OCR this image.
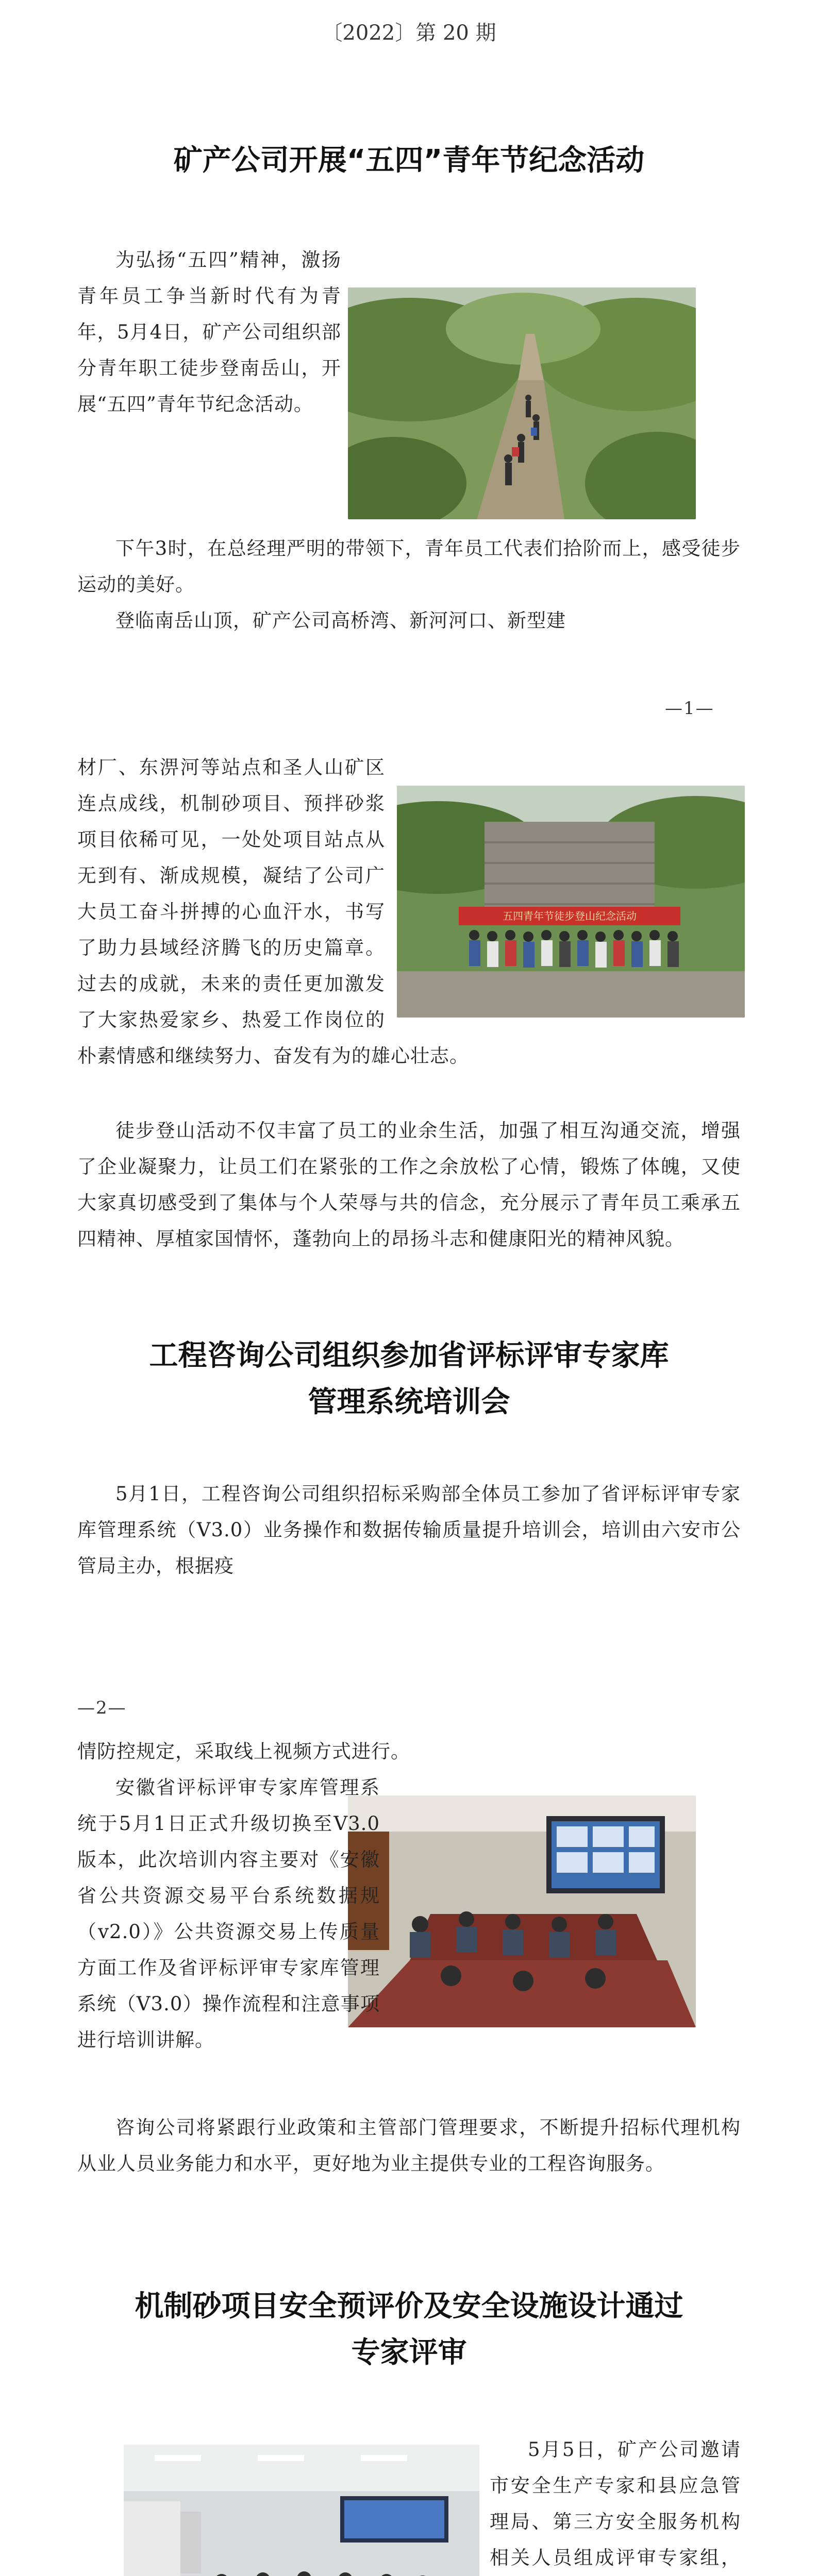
〔2022〕第 20 期
矿产公司开展“五四”青年节纪念活动
—1—
五四青年节徒步登山纪念活动
工程咨询公司组织参加省评标评审专家库
管理系统培训会
—2—
机制砂项目安全预评价及安全设施设计通过
专家评审

为弘扬“五四”精神，激扬青年员工争当新时代有为青年，5月4日，矿产公司组织部分青年职工徒步登南岳山，开展“五四”青年节纪念活动。

下午3时，在总经理严明的带领下，青年员工代表们拾阶而上，感受徒步运动的美好。

登临南岳山顶，矿产公司高桥湾、新河河口、新型建

材厂、东淠河等站点和圣人山矿区连点成线，机制砂项目、预拌砂浆项目依稀可见，一处处项目站点从无到有、渐成规模，凝结了公司广大员工奋斗拼搏的心血汗水，书写了助力县域经济腾飞的历史篇章。过去的成就，未来的责任更加激发了大家热爱家乡、热爱工作岗位的朴素情感和继续努力、奋发有为的雄心壮志。

徒步登山活动不仅丰富了员工的业余生活，加强了相互沟通交流，增强了企业凝聚力，让员工们在紧张的工作之余放松了心情，锻炼了体魄，又使大家真切感受到了集体与个人荣辱与共的信念，充分展示了青年员工乘承五四精神、厚植家国情怀，蓬勃向上的昂扬斗志和健康阳光的精神风貌。

5月1日，工程咨询公司组织招标采购部全体员工参加了省评标评审专家库管理系统（V3.0）业务操作和数据传输质量提升培训会，培训由六安市公管局主办，根据疫

情防控规定，采取线上视频方式进行。

安徽省评标评审专家库管理系统于5月1日正式升级切换至V3.0版本，此次培训内容主要对《安徽省公共资源交易平台系统数据规（v2.0）》公共资源交易上传质量方面工作及省评标评审专家库管理系统（V3.0）操作流程和注意事项进行培训讲解。

咨询公司将紧跟行业政策和主管部门管理要求，不断提升招标代理机构从业人员业务能力和水平，更好地为业主提供专业的工程咨询服务。

5月5日，矿产公司邀请市安全生产专家和县应急管理局、第三方安全服务机构相关人员组成评审专家组，
